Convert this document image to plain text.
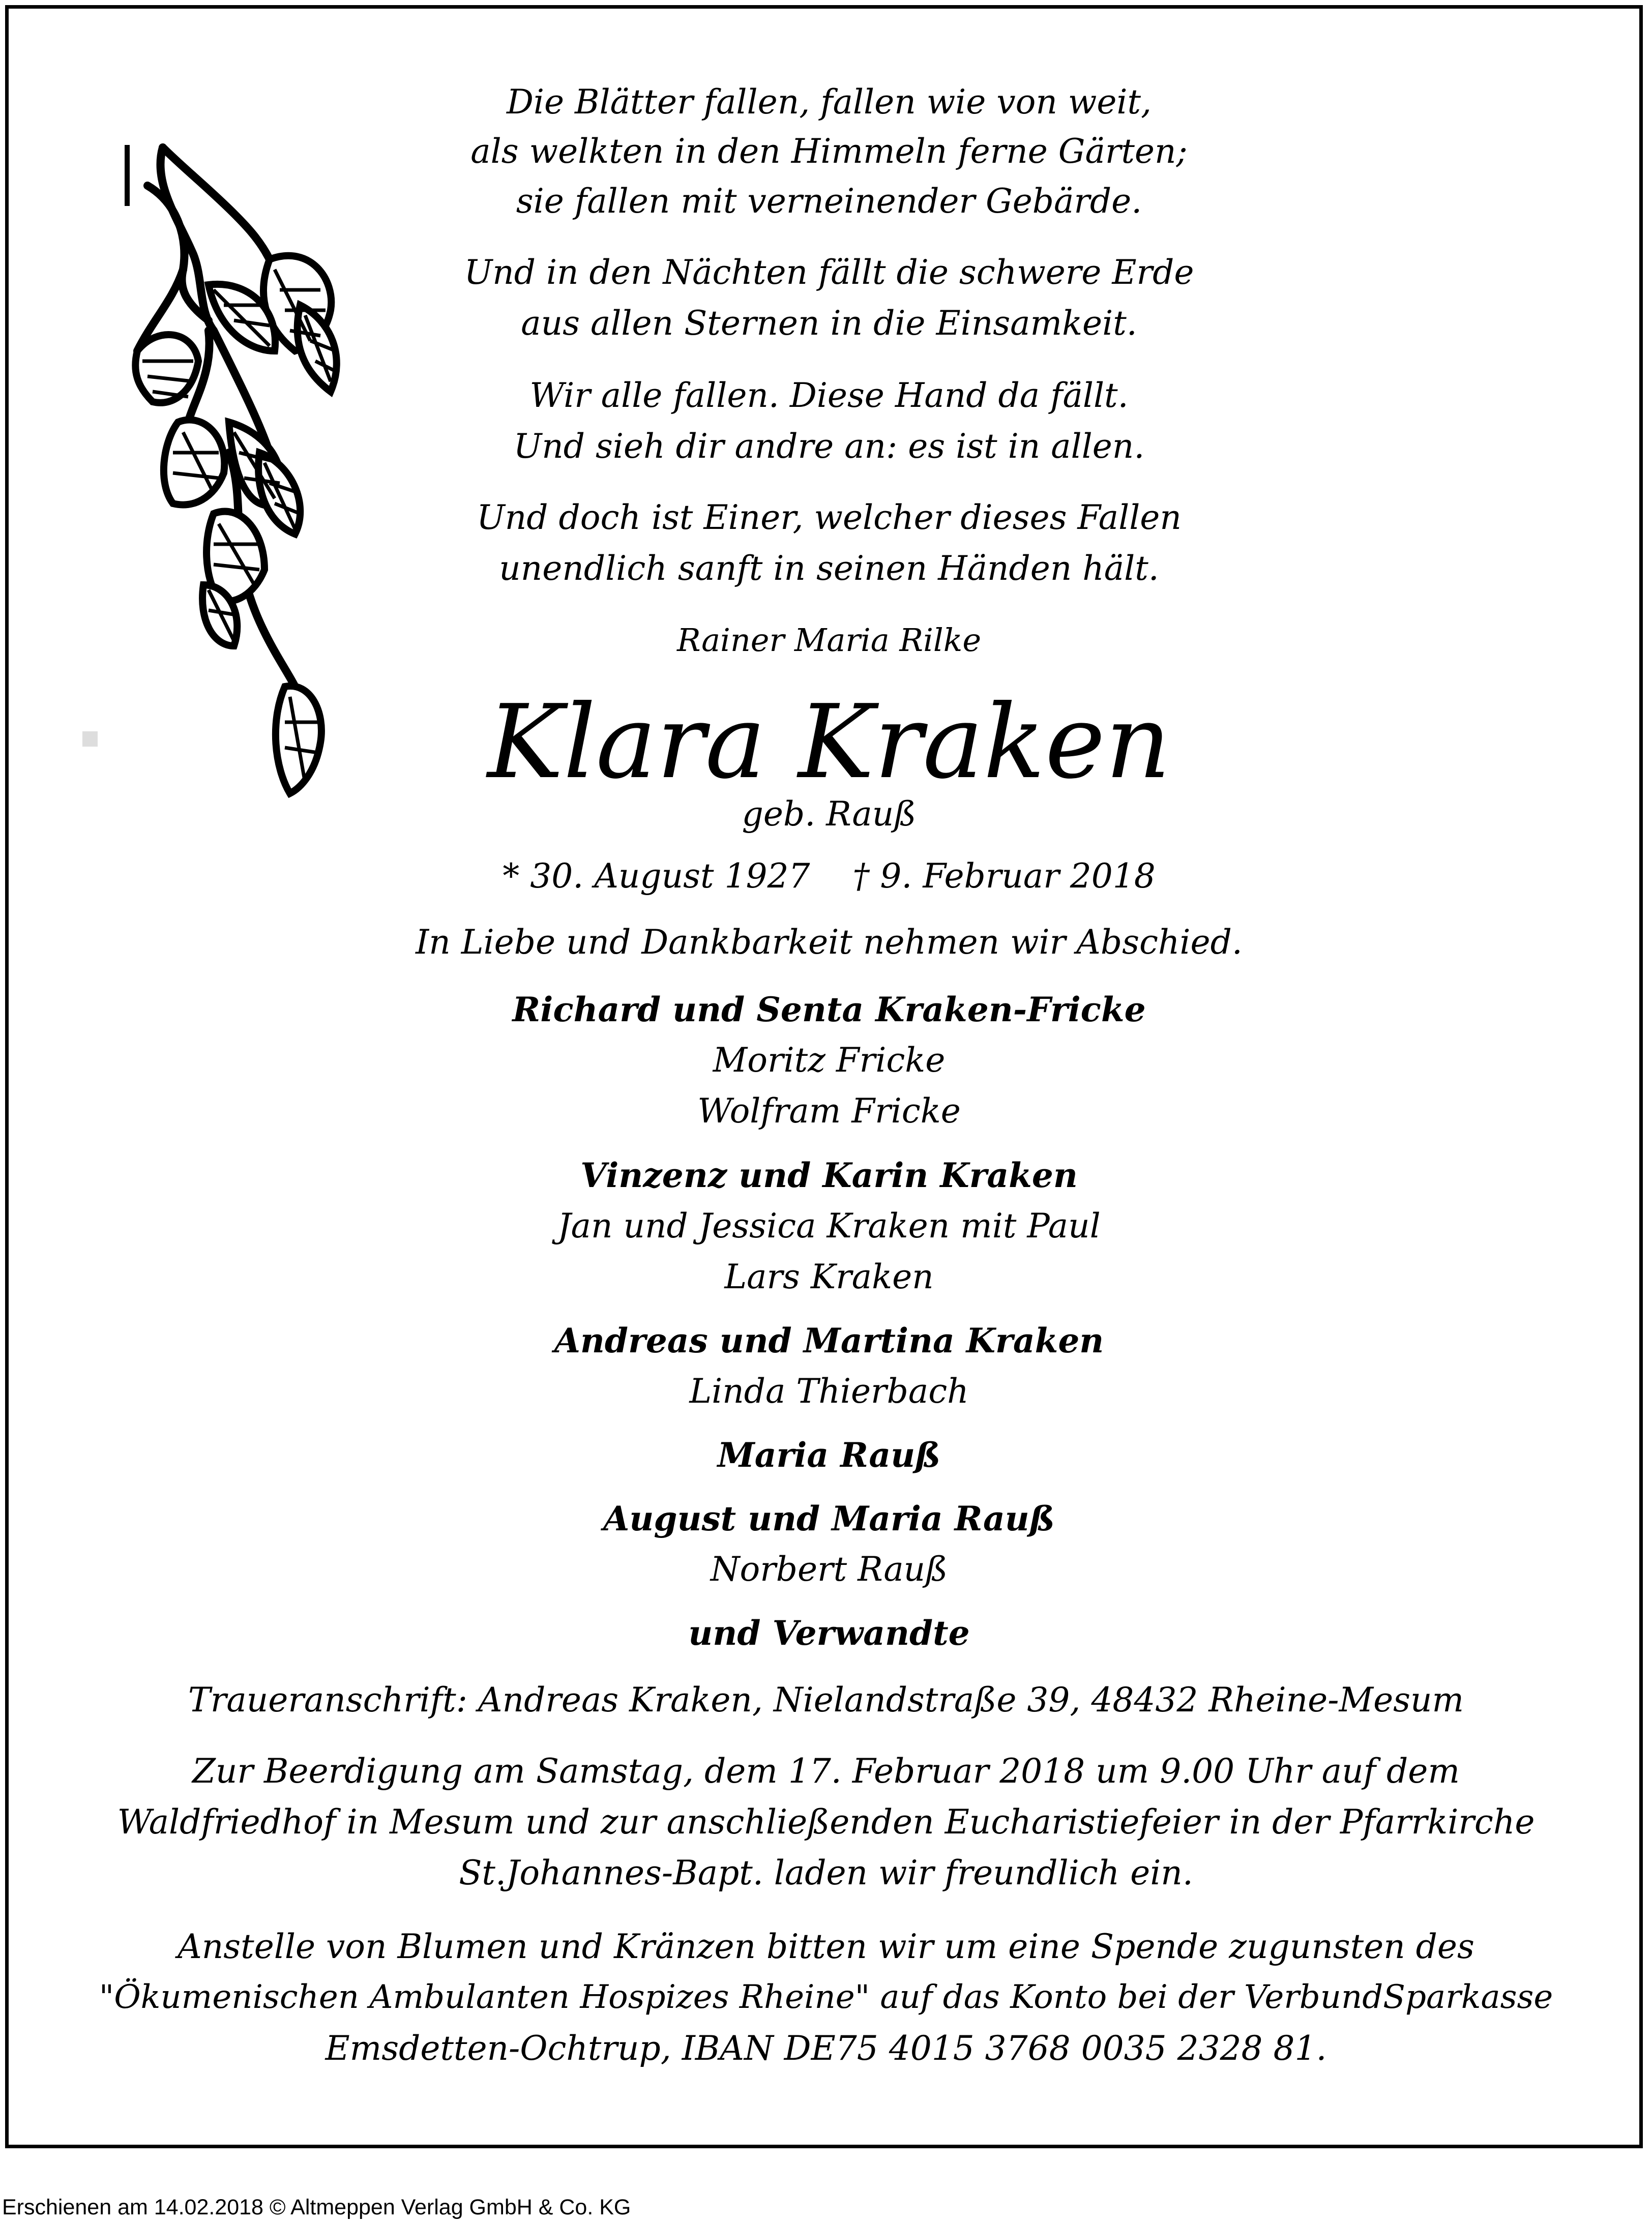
Die Blätter fallen, fallen wie von weit,
als welkten in den Himmeln ferne Gärten;
sie fallen mit verneinender Gebärde.
Und in den Nächten fällt die schwere Erde
aus allen Sternen in die Einsamkeit.
Wir alle fallen. Diese Hand da fällt.
Und sieh dir andre an: es ist in allen.
Und doch ist Einer, welcher dieses Fallen
unendlich sanft in seinen Händen hält.
Rainer Maria Rilke
Klara Kraken
geb. Rauß
* 30. August 1927    † 9. Februar 2018
In Liebe und Dankbarkeit nehmen wir Abschied.
Richard und Senta Kraken-Fricke
Moritz Fricke
Wolfram Fricke
Vinzenz und Karin Kraken
Jan und Jessica Kraken mit Paul
Lars Kraken
Andreas und Martina Kraken
Linda Thierbach
Maria Rauß
August und Maria Rauß
Norbert Rauß
und Verwandte
Traueranschrift: Andreas Kraken, Nielandstraße 39, 48432 Rheine-Mesum
Zur Beerdigung am Samstag, dem 17. Februar 2018 um 9.00 Uhr auf dem
Waldfriedhof in Mesum und zur anschließenden Eucharistiefeier in der Pfarrkirche
St.Johannes-Bapt. laden wir freundlich ein.
Anstelle von Blumen und Kränzen bitten wir um eine Spende zugunsten des
"Ökumenischen Ambulanten Hospizes Rheine" auf das Konto bei der VerbundSparkasse
Emsdetten-Ochtrup, IBAN DE75 4015 3768 0035 2328 81.
Erschienen am 14.02.2018 © Altmeppen Verlag GmbH & Co. KG
